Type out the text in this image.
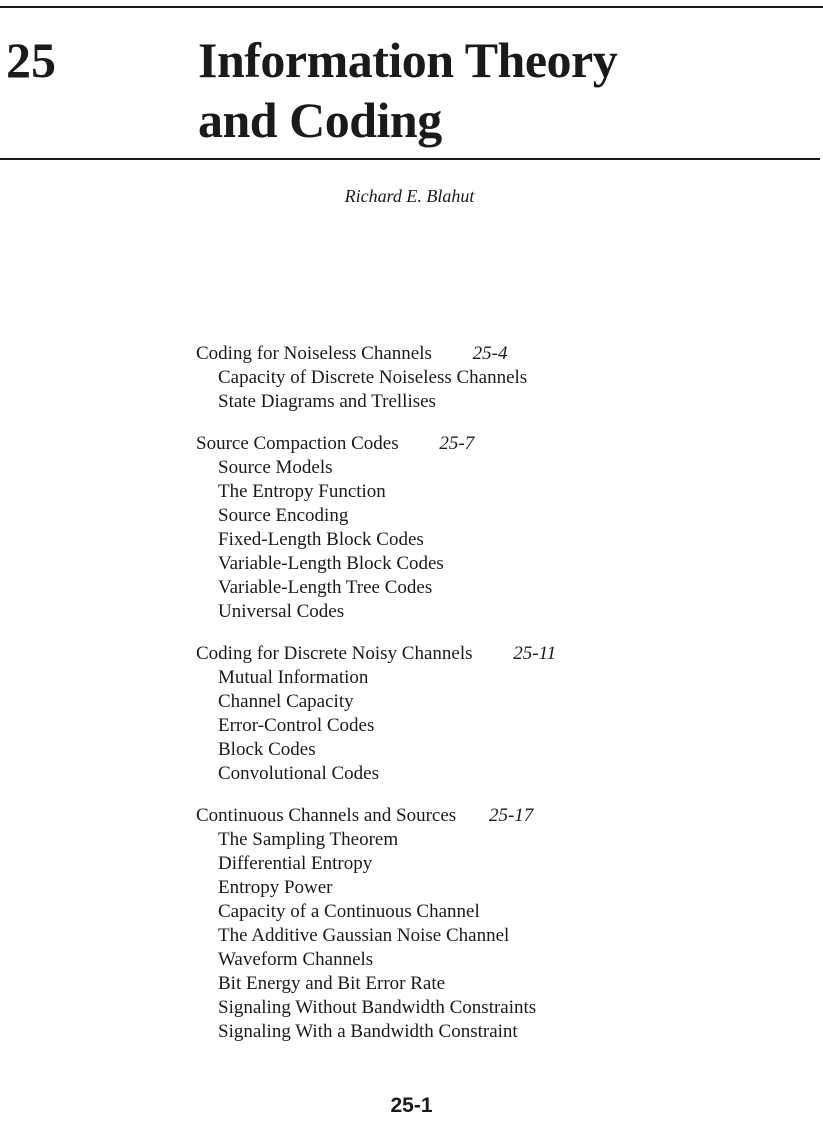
25	Information Theory
and Coding
Richard E. Blahut
Coding for Noiseless Channels 25-4
Capacity of Discrete Noiseless Channels
State Diagrams and Trellises
Source Compaction Codes 25-7
Source Models
The Entropy Function
Source Encoding
Fixed-Length Block Codes
Variable-Length Block Codes
Variable-Length Tree Codes
Universal Codes
Coding for Discrete Noisy Channels 25-11
Mutual Information
Channel Capacity
Error-Control Codes
Block Codes
Convolutional Codes
Continuous Channels and Sources 25-17
The Sampling Theorem
Differential Entropy
Entropy Power
Capacity of a Continuous Channel
The Additive Gaussian Noise Channel
Waveform Channels
Bit Energy and Bit Error Rate
Signaling Without Bandwidth Constraints
Signaling With a Bandwidth Constraint
25-1
